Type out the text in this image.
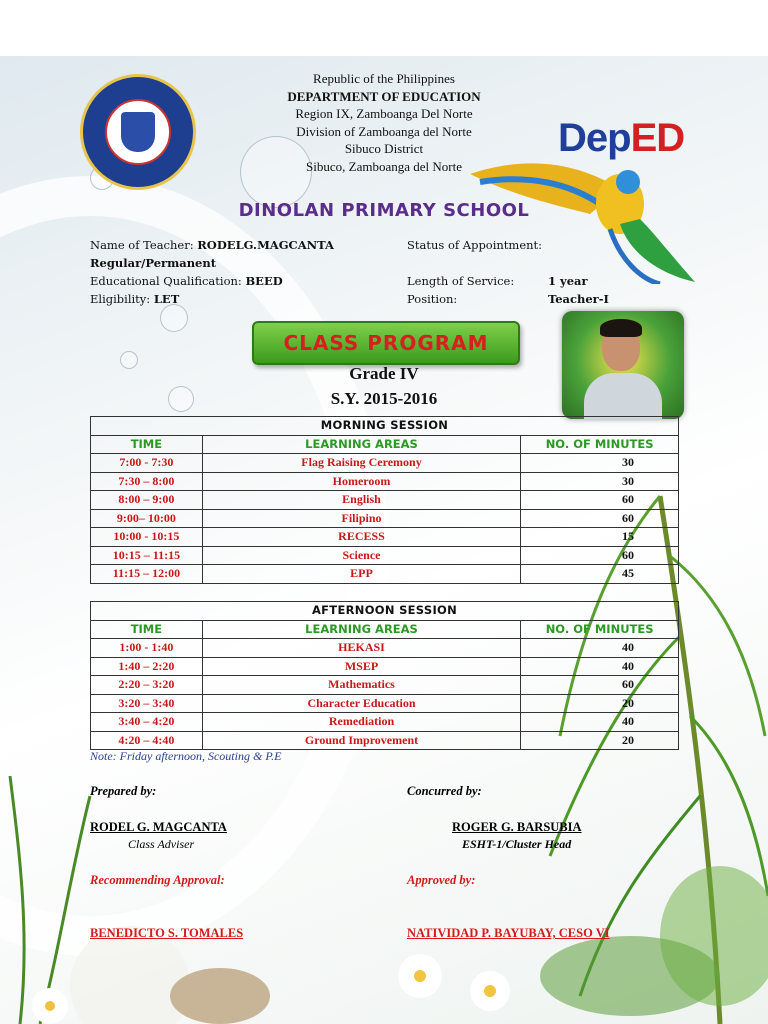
DepED
Republic of the Philippines
DEPARTMENT OF EDUCATION
Region IX, Zamboanga Del Norte
Division of Zamboanga del Norte
Sibuco District
Sibuco, Zamboanga del Norte
DINOLAN PRIMARY SCHOOL
Name of Teacher: RODELG.MAGCANTA	Status of Appointment:
Regular/Permanent
Educational Qualification: BEED	Length of Service:	1 year
Eligibility: LET	Position:	Teacher-I
CLASS PROGRAM
Grade IV
S.Y. 2015-2016
MORNING SESSION		
TIME	LEARNING AREAS	NO. OF MINUTES
7:00 - 7:30	Flag Raising Ceremony	30
7:30 – 8:00	Homeroom	30
8:00 – 9:00	English	60
9:00– 10:00	Filipino	60
10:00 - 10:15	RECESS	15
10:15 – 11:15	Science	60
11:15 – 12:00	EPP	45
AFTERNOON SESSION		
TIME	LEARNING AREAS	NO. OF MINUTES
1:00 - 1:40	HEKASI	40
1:40 – 2:20	MSEP	40
2:20 – 3:20	Mathematics	60
3:20 – 3:40	Character Education	20
3:40 – 4:20	Remediation	40
4:20 – 4:40	Ground Improvement	20
Note: Friday afternoon, Scouting & P.E
Prepared by:	Concurred by:
RODEL G. MAGCANTA	ROGER G. BARSUBIA
Class Adviser	ESHT-1/Cluster Head
Recommending Approval:	Approved by:
BENEDICTO S. TOMALES	NATIVIDAD P. BAYUBAY, CESO VI
